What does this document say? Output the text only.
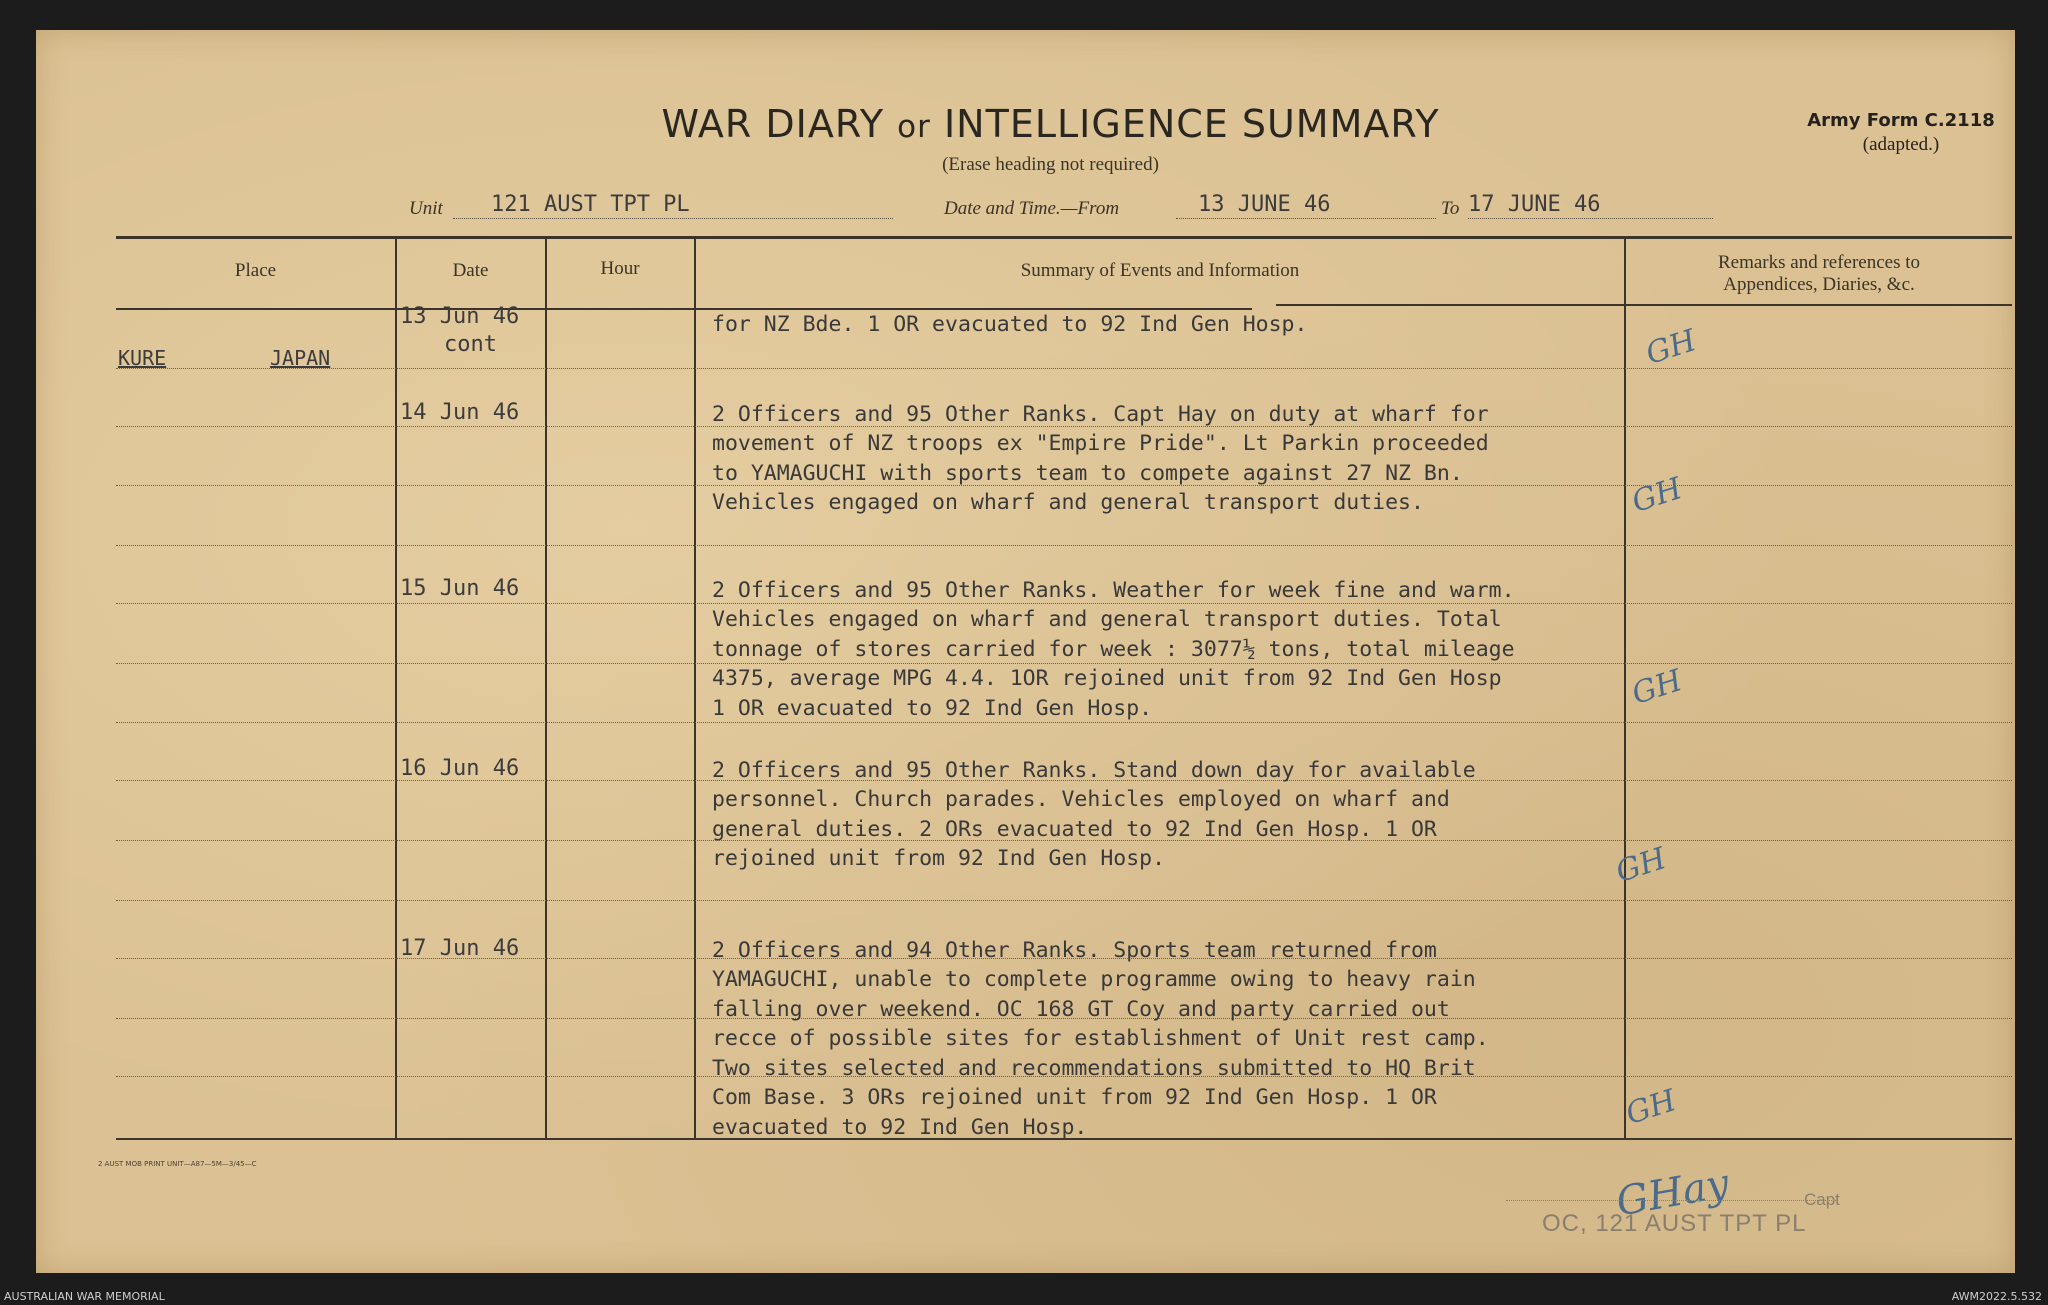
WAR DIARY or INTELLIGENCE SUMMARY
(Erase heading not required)
Army Form C.2118
(adapted.)
Unit 121 AUST TPT PL	Date and Time.—From	13 JUNE 46	To 17 JUNE 46
Place	Date	Hour	Summary of Events and Information	Remarks and references to
Appendices, Diaries, &c.
KURE	JAPAN
13 Jun 46
cont
for NZ Bde. 1 OR evacuated to 92 Ind Gen Hosp.	GH
14 Jun 46	2 Officers and 95 Other Ranks. Capt Hay on duty at wharf for
movement of NZ troops ex "Empire Pride". Lt Parkin proceeded
to YAMAGUCHI with sports team to compete against 27 NZ Bn.
Vehicles engaged on wharf and general transport duties.	GH
15 Jun 46	2 Officers and 95 Other Ranks. Weather for week fine and warm.
Vehicles engaged on wharf and general transport duties. Total
tonnage of stores carried for week : 3077½ tons, total mileage
4375, average MPG 4.4. 1OR rejoined unit from 92 Ind Gen Hosp
1 OR evacuated to 92 Ind Gen Hosp.	GH
16 Jun 46	2 Officers and 95 Other Ranks. Stand down day for available
personnel. Church parades. Vehicles employed on wharf and
general duties. 2 ORs evacuated to 92 Ind Gen Hosp. 1 OR
rejoined unit from 92 Ind Gen Hosp.	GH
17 Jun 46	2 Officers and 94 Other Ranks. Sports team returned from
YAMAGUCHI, unable to complete programme owing to heavy rain
falling over weekend. OC 168 GT Coy and party carried out
recce of possible sites for establishment of Unit rest camp.
Two sites selected and recommendations submitted to HQ Brit
Com Base. 3 ORs rejoined unit from 92 Ind Gen Hosp. 1 OR
evacuated to 92 Ind Gen Hosp.	GH
2 AUST MOB PRINT UNIT—A87—5M—3/45—C	GHay	Capt
OC, 121 AUST TPT PL
AUSTRALIAN WAR MEMORIAL	AWM2022.5.532
